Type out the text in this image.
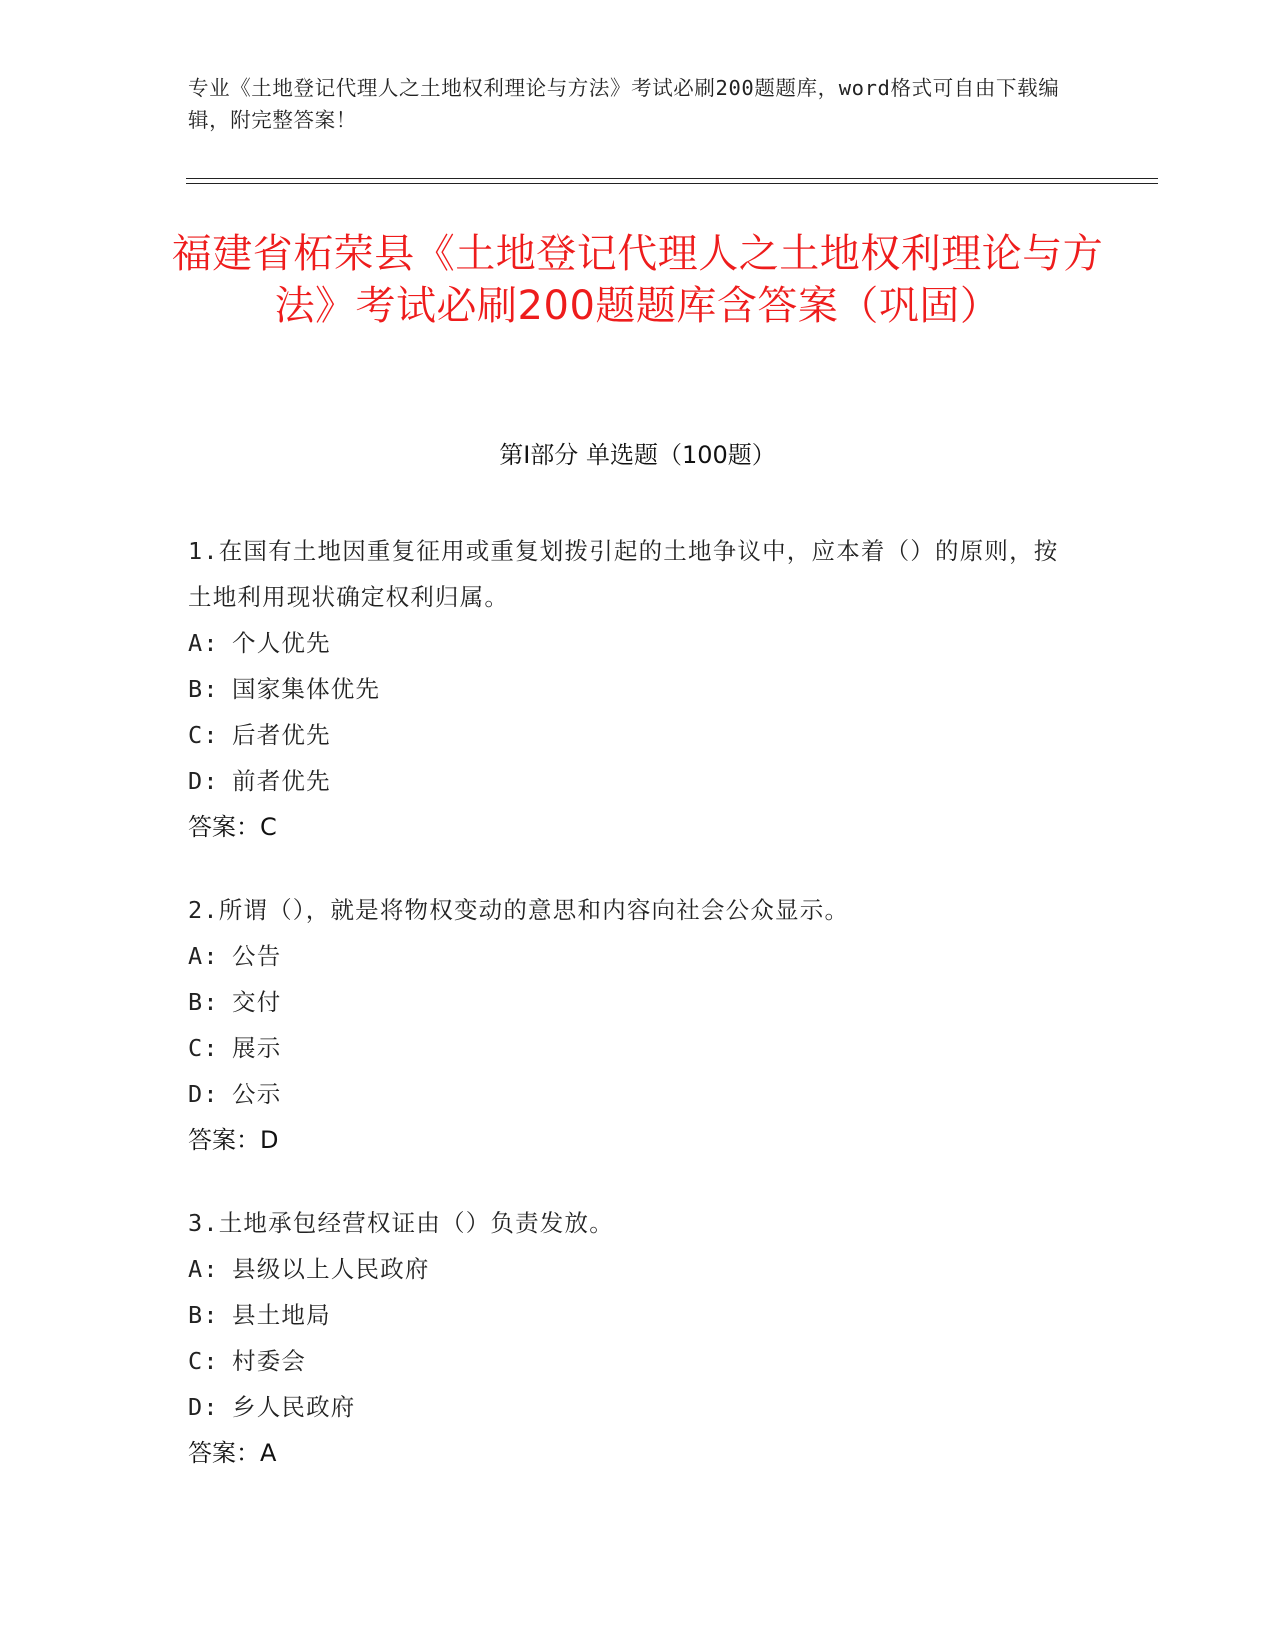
专业《土地登记代理人之土地权利理论与方法》考试必刷200题题库，word格式可自由下载编辑，附完整答案！
福建省柘荣县《土地登记代理人之土地权利理论与方法》考试必刷200题题库含答案（巩固）
第I部分 单选题（100题）
1.在国有土地因重复征用或重复划拨引起的土地争议中，应本着（）的原则，按土地利用现状确定权利归属。
A: 个人优先
B: 国家集体优先
C: 后者优先
D: 前者优先
答案：C
2.所谓（），就是将物权变动的意思和内容向社会公众显示。
A: 公告
B: 交付
C: 展示
D: 公示
答案：D
3.土地承包经营权证由（）负责发放。
A: 县级以上人民政府
B: 县土地局
C: 村委会
D: 乡人民政府
答案：A
